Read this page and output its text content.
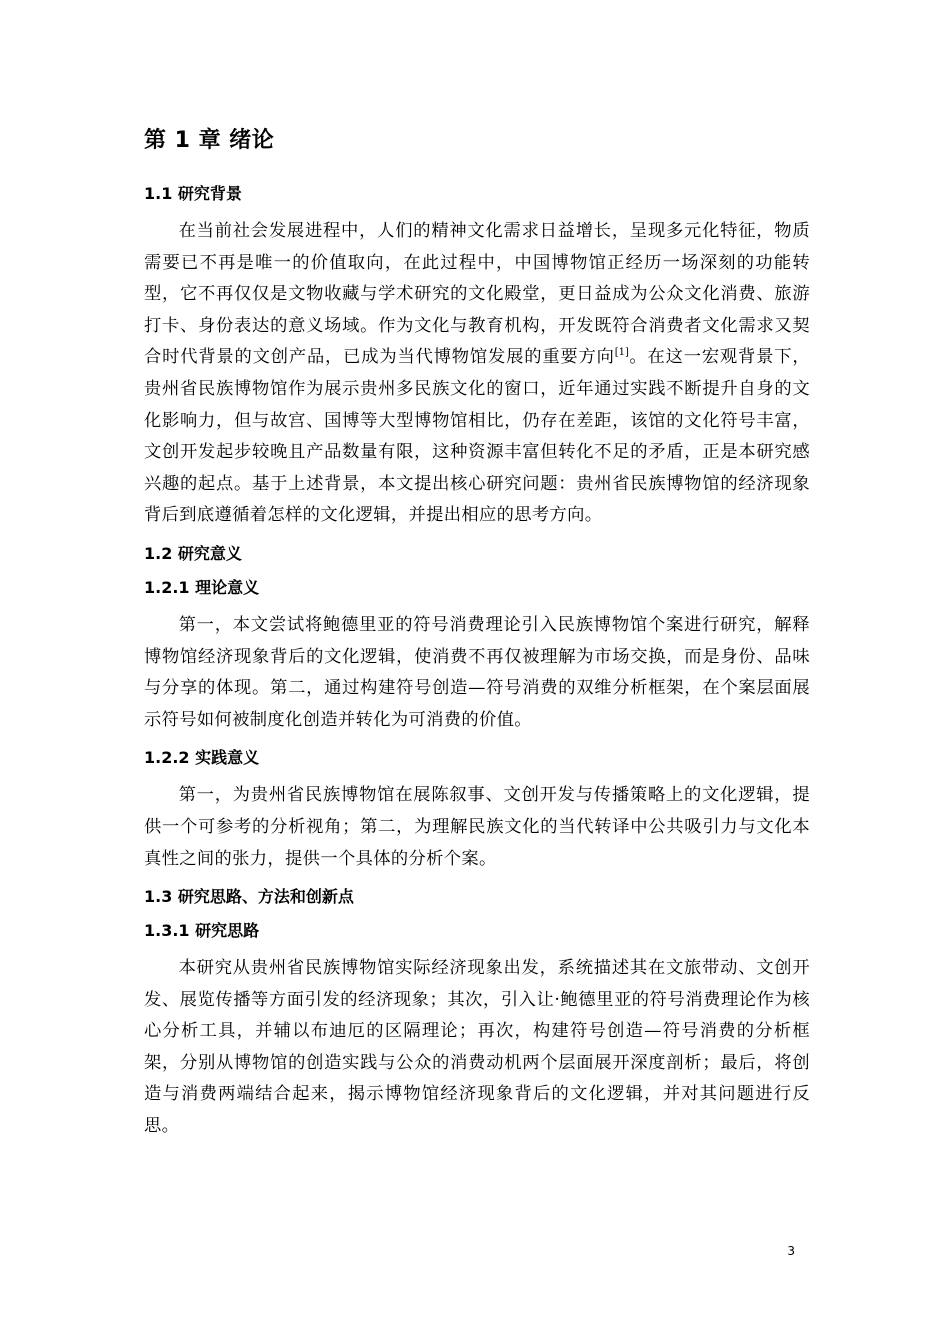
第 1 章 绪论
1.1 研究背景

在当前社会发展进程中，人们的精神文化需求日益增长，呈现多元化特征，物质需要已不再是唯一的价值取向，在此过程中，中国博物馆正经历一场深刻的功能转型，它不再仅仅是文物收藏与学术研究的文化殿堂，更日益成为公众文化消费、旅游打卡、身份表达的意义场域。作为文化与教育机构，开发既符合消费者文化需求又契合时代背景的文创产品，已成为当代博物馆发展的重要方向[1]。在这一宏观背景下，贵州省民族博物馆作为展示贵州多民族文化的窗口，近年通过实践不断提升自身的文化影响力，但与故宫、国博等大型博物馆相比，仍存在差距，该馆的文化符号丰富，文创开发起步较晚且产品数量有限，这种资源丰富但转化不足的矛盾，正是本研究感兴趣的起点。基于上述背景，本文提出核心研究问题：贵州省民族博物馆的经济现象背后到底遵循着怎样的文化逻辑，并提出相应的思考方向。

1.2 研究意义
1.2.1 理论意义

第一，本文尝试将鲍德里亚的符号消费理论引入民族博物馆个案进行研究，解释博物馆经济现象背后的文化逻辑，使消费不再仅被理解为市场交换，而是身份、品味与分享的体现。第二，通过构建符号创造—符号消费的双维分析框架，在个案层面展示符号如何被制度化创造并转化为可消费的价值。

1.2.2 实践意义

第一，为贵州省民族博物馆在展陈叙事、文创开发与传播策略上的文化逻辑，提供一个可参考的分析视角；第二，为理解民族文化的当代转译中公共吸引力与文化本真性之间的张力，提供一个具体的分析个案。

1.3 研究思路、方法和创新点
1.3.1 研究思路

本研究从贵州省民族博物馆实际经济现象出发，系统描述其在文旅带动、文创开发、展览传播等方面引发的经济现象；其次，引入让·鲍德里亚的符号消费理论作为核心分析工具，并辅以布迪厄的区隔理论；再次，构建符号创造—符号消费的分析框架，分别从博物馆的创造实践与公众的消费动机两个层面展开深度剖析；最后，将创造与消费两端结合起来，揭示博物馆经济现象背后的文化逻辑，并对其问题进行反思。

3
